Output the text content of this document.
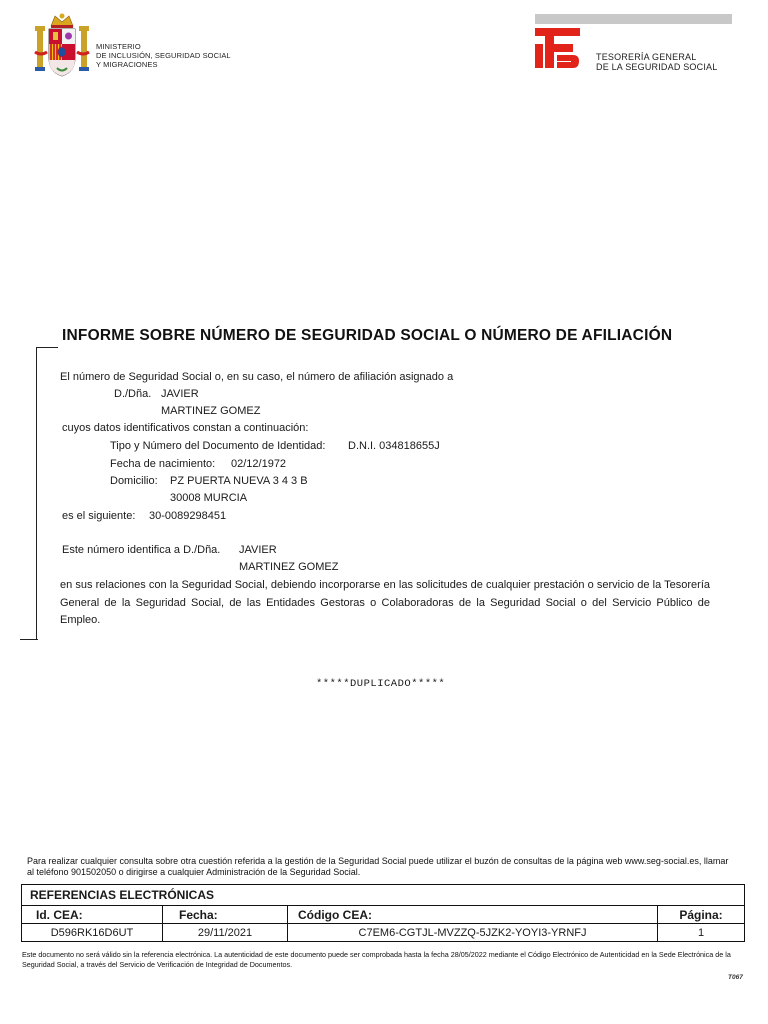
MINISTERIO
DE INCLUSIÓN, SEGURIDAD SOCIAL
Y MIGRACIONES
TESORERÍA GENERAL
DE LA SEGURIDAD SOCIAL
INFORME SOBRE NÚMERO DE SEGURIDAD SOCIAL O NÚMERO DE AFILIACIÓN
El número de Seguridad Social o, en su caso, el número de afiliación asignado a
D./Dña. JAVIER
MARTINEZ GOMEZ
cuyos datos identificativos constan a continuación:
Tipo y Número del Documento de Identidad: D.N.I. 034818655J
Fecha de nacimiento: 02/12/1972
Domicilio: PZ PUERTA NUEVA 3 4 3 B
30008 MURCIA
es el siguiente: 30-0089298451
Este número identifica a D./Dña. JAVIER
MARTINEZ GOMEZ
en sus relaciones con la Seguridad Social, debiendo incorporarse en las solicitudes de cualquier prestación o servicio de la Tesorería General de la Seguridad Social, de las Entidades Gestoras o Colaboradoras de la Seguridad Social o del Servicio Público de Empleo.
*****DUPLICADO*****
Para realizar cualquier consulta sobre otra cuestión referida a la gestión de la Seguridad Social puede utilizar el buzón de consultas de la página web www.seg-social.es, llamar al teléfono 901502050 o dirigirse a cualquier Administración de la Seguridad Social.
REFERENCIAS ELECTRÓNICAS			
Id. CEA:	Fecha:	Código CEA:	Página:
D596RK16D6UT	29/11/2021	C7EM6-CGTJL-MVZZQ-5JZK2-YOYI3-YRNFJ	1
Este documento no será válido sin la referencia electrónica. La autenticidad de este documento puede ser comprobada hasta la fecha 28/05/2022 mediante el Código Electrónico de Autenticidad en la Sede Electrónica de la Seguridad Social, a través del Servicio de Verificación de Integridad de Documentos.
T067
